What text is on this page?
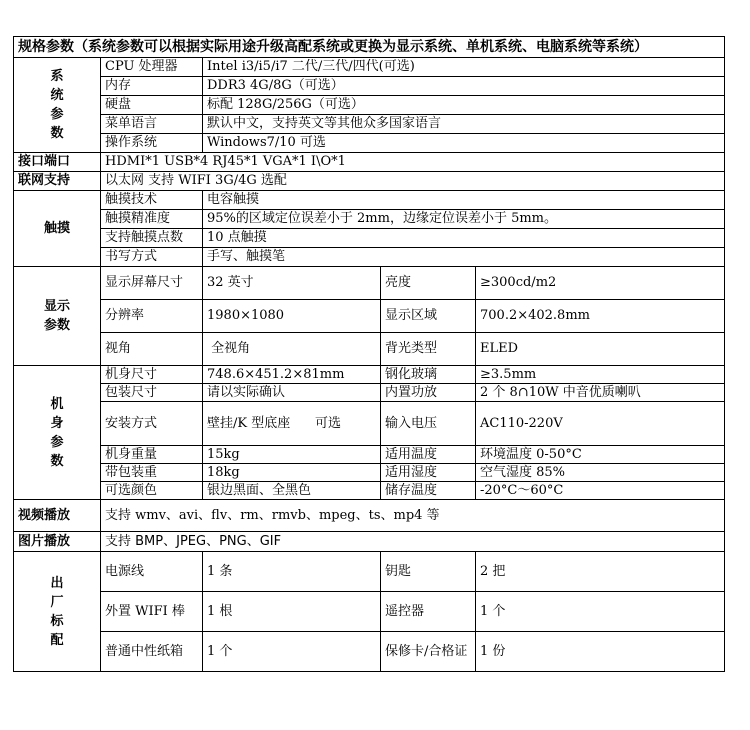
规格参数（系统参数可以根据实际用途升级高配系统或更换为显示系统、单机系统、电脑系统等系统）				

系
统
参
数	CPU 处理器	Intel i3/i5/i7 二代/三代/四代(可选)		
	内存	DDR3 4G/8G（可选）		
	硬盘	标配 128G/256G（可选）		
	菜单语言	默认中文，支持英文等其他众多国家语言		
	操作系统	Windows7/10 可选		
接口端口	HDMI*1 USB*4 RJ45*1 VGA*1 I\O*1			
联网支持	以太网 支持 WIFI 3G/4G 选配			
触摸	触摸技术	电容触摸		
	触摸精准度	95%的区域定位误差小于 2mm，边缘定位误差小于 5mm。		
	支持触摸点数	10 点触摸		
	书写方式	手写、触摸笔		

显示
参数	显示屏幕尺寸	32 英寸	亮度	≥300cd/m2
	分辨率	1980×1080	显示区域	700.2×402.8mm
	视角	全视角	背光类型	ELED

机
身
参
数	机身尺寸	748.6×451.2×81mm	钢化玻璃	≥3.5mm
	包装尺寸	请以实际确认	内置功放	2 个 8∩10W 中音优质喇叭
	安装方式	壁挂/K 型底座      可选	输入电压	AC110-220V
	机身重量	15kg	适用温度	环境温度 0-50°C
	带包装重	18kg	适用湿度	空气湿度 85%
	可选颜色	银边黑面、全黑色	储存温度	-20°C～60°C
视频播放	支持 wmv、avi、flv、rm、rmvb、mpeg、ts、mp4 等			
图片播放	支持 BMP、JPEG、PNG、GIF			

出
厂
标
配	电源线	1 条	钥匙	2 把
	外置 WIFI 棒	1 根	遥控器	1 个
	普通中性纸箱	1 个	保修卡/合格证	1 份
